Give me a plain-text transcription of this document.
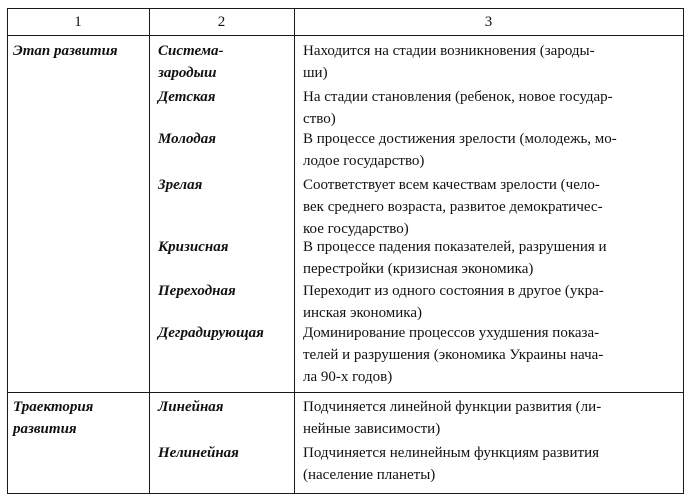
1	2	3
Этап развития
Траектория
развития
Система-
зародыш
Детская
Молодая
Зрелая
Кризисная
Переходная
Деградирующая
Линейная
Нелинейная
Находится на стадии возникновения (зароды-
ши)
На стадии становления (ребенок, новое государ-
ство)
В процессе достижения зрелости (молодежь, мо-
лодое государство)
Соответствует всем качествам зрелости (чело-
век среднего возраста, развитое демократичес-
кое государство)
В процессе падения показателей, разрушения и
перестройки (кризисная экономика)
Переходит из одного состояния в другое (укра-
инская экономика)
Доминирование процессов ухудшения показа-
телей и разрушения (экономика Украины нача-
ла 90-х годов)
Подчиняется линейной функции развития (ли-
нейные зависимости)
Подчиняется нелинейным функциям развития
(население планеты)
